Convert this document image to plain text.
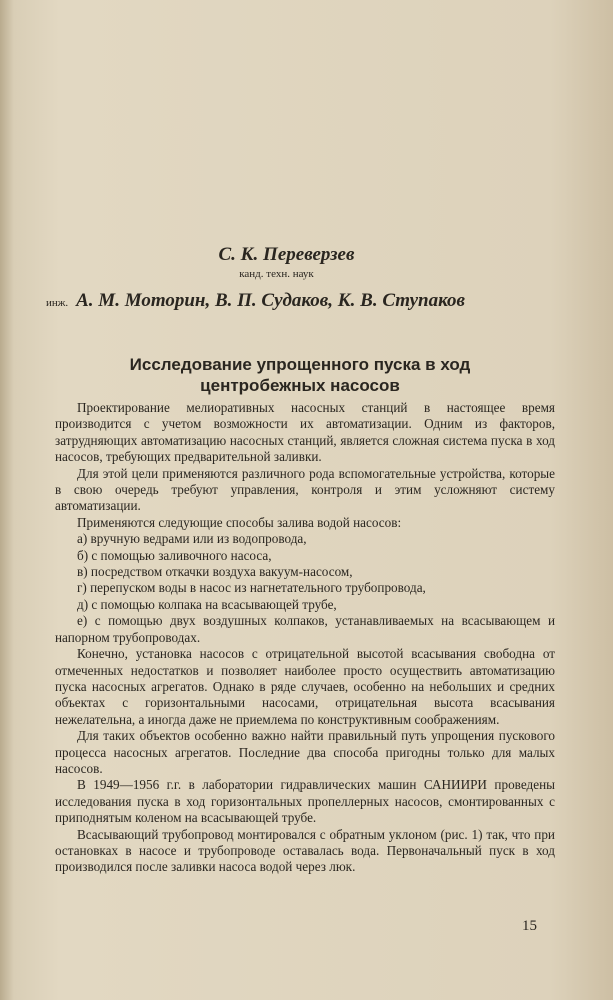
С. К. Переверзев
канд. техн. наук
инж. А. М. Моторин, В. П. Судаков, К. В. Ступаков
Исследование упрощенного пуска в ход
центробежных насосов

Проектирование мелиоративных насосных станций в настоящее время производится с учетом возможности их автоматизации. Одним из факторов, затрудняющих автоматизацию насосных станций, является сложная система пуска в ход насосов, требующих предварительной заливки.

Для этой цели применяются различного рода вспомогательные устройства, которые в свою очередь требуют управления, контроля и этим усложняют систему автоматизации.

Применяются следующие способы залива водой насосов:

а) вручную ведрами или из водопровода,

б) с помощью заливочного насоса,

в) посредством откачки воздуха вакуум-насосом,

г) перепуском воды в насос из нагнетательного трубопровода,

д) с помощью колпака на всасывающей трубе,

е) с помощью двух воздушных колпаков, устанавливаемых на всасывающем и напорном трубопроводах.

Конечно, установка насосов с отрицательной высотой всасывания свободна от отмеченных недостатков и позволяет наиболее просто осуществить автоматизацию пуска насосных агрегатов. Однако в ряде случаев, особенно на небольших и средних объектах с горизонтальными насосами, отрицательная высота всасывания нежелательна, а иногда даже не приемлема по конструктивным соображениям.

Для таких объектов особенно важно найти правильный путь упрощения пускового процесса насосных агрегатов. Последние два способа пригодны только для малых насосов.

В 1949—1956 г.г. в лаборатории гидравлических машин САНИИРИ проведены исследования пуска в ход горизонтальных пропеллерных насосов, смонтированных с приподнятым коленом на всасывающей трубе.

Всасывающий трубопровод монтировался с обратным уклоном (рис. 1) так, что при остановках в насосе и трубопроводе оставалась вода. Первоначальный пуск в ход производился после заливки насоса водой через люк.

15
